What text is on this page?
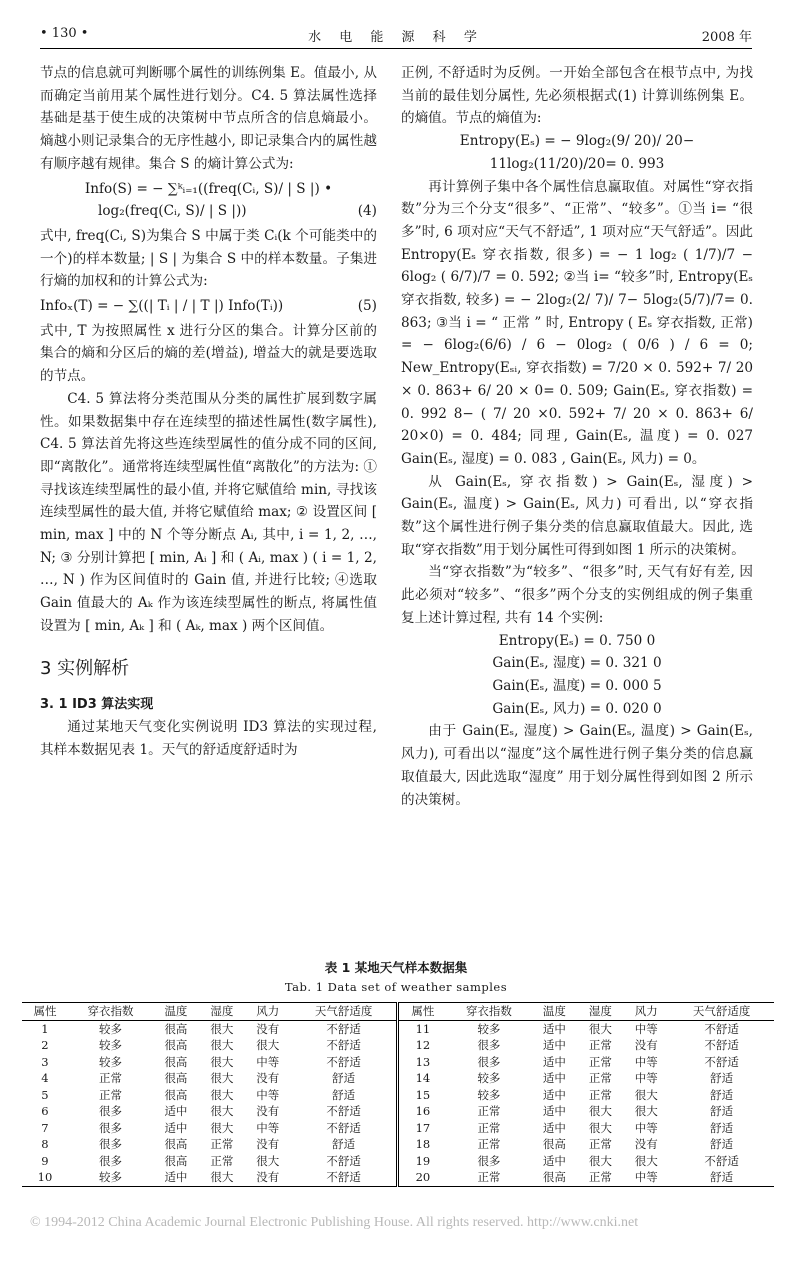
• 130 •	水 电 能 源 科 学	2008 年

节点的信息就可判断哪个属性的训练例集 E。值最小, 从而确定当前用某个属性进行划分。C4. 5 算法属性选择基础是基于使生成的决策树中节点所含的信息熵最小。熵越小则记录集合的无序性越小, 即记录集合内的属性越有顺序越有规律。集合 S 的熵计算公式为:

Info(S) = − ∑ᵏᵢ₌₁((freq(Cᵢ, S)/ | S |) •

log₂(freq(Cᵢ, S)/ | S |))	(4)

式中, freq(Cᵢ, S)为集合 S 中属于类 Cᵢ(k 个可能类中的一个)的样本数量; | S | 为集合 S 中的样本数量。子集进行熵的加权和的计算公式为:

Infoₓ(T) = − ∑((| Tᵢ | / | T |) Info(Tᵢ))	(5)

式中, T 为按照属性 x 进行分区的集合。计算分区前的集合的熵和分区后的熵的差(增益), 增益大的就是要选取的节点。

C4. 5 算法将分类范围从分类的属性扩展到数字属性。如果数据集中存在连续型的描述性属性(数字属性), C4. 5 算法首先将这些连续型属性的值分成不同的区间, 即“离散化”。通常将连续型属性值“离散化”的方法为: ① 寻找该连续型属性的最小值, 并将它赋值给 min, 寻找该连续型属性的最大值, 并将它赋值给 max; ② 设置区间 [ min, max ] 中的 N 个等分断点 Aᵢ, 其中, i = 1, 2, …, N; ③ 分别计算把 [ min, Aᵢ ] 和 ( Aᵢ, max ) ( i = 1, 2, …, N ) 作为区间值时的 Gain 值, 并进行比较; ④选取 Gain 值最大的 Aₖ 作为该连续型属性的断点, 将属性值设置为 [ min, Aₖ ] 和 ( Aₖ, max ) 两个区间值。

3 实例解析
3. 1 ID3 算法实现

通过某地天气变化实例说明 ID3 算法的实现过程, 其样本数据见表 1。天气的舒适度舒适时为

正例, 不舒适时为反例。一开始全部包含在根节点中, 为找当前的最佳划分属性, 先必须根据式(1) 计算训练例集 E。的熵值。节点的熵值为:

Entropy(Eₛ) = − 9log₂(9/ 20)/ 20−

11log₂(11/20)/20= 0. 993

再计算例子集中各个属性信息赢取值。对属性“穿衣指数”分为三个分支“很多”、“正常”、“较多”。①当 i= “很多”时, 6 项对应“天气不舒适”, 1 项对应“天气舒适”。因此 Entropy(Eₛ 穿衣指数, 很多) = − 1 log₂ ( 1/7)/7 − 6log₂ ( 6/7)/7 = 0. 592; ②当 i= “较多”时, Entropy(Eₛ 穿衣指数, 较多) = − 2log₂(2/ 7)/ 7− 5log₂(5/7)/7= 0. 863; ③当 i = “ 正常 ” 时, Entropy ( Eₛ 穿衣指数, 正常) = − 6log₂(6/6) / 6 − 0log₂ ( 0/6 ) / 6 = 0; New_Entropy(Eₛᵢ, 穿衣指数) = 7/20 × 0. 592+ 7/ 20 × 0. 863+ 6/ 20 × 0= 0. 509; Gain(Eₛ, 穿衣指数) = 0. 992 8− ( 7/ 20 ×0. 592+ 7/ 20 × 0. 863+ 6/ 20×0) = 0. 484; 同理, Gain(Eₛ, 温度) = 0. 027 Gain(Eₛ, 湿度) = 0. 083 , Gain(Eₛ, 风力) = 0。

从 Gain(Eₛ, 穿衣指数) > Gain(Eₛ, 湿度) > Gain(Eₛ, 温度) > Gain(Eₛ, 风力) 可看出, 以“穿衣指数”这个属性进行例子集分类的信息赢取值最大。因此, 选取“穿衣指数”用于划分属性可得到如图 1 所示的决策树。

当“穿衣指数”为“较多”、“很多”时, 天气有好有差, 因此必须对“较多”、“很多”两个分支的实例组成的例子集重复上述计算过程, 共有 14 个实例:

Entropy(Eₛ) = 0. 750 0

Gain(Eₛ, 湿度) = 0. 321 0

Gain(Eₛ, 温度) = 0. 000 5

Gain(Eₛ, 风力) = 0. 020 0

由于 Gain(Eₛ, 湿度) > Gain(Eₛ, 温度) > Gain(Eₛ, 风力), 可看出以“湿度”这个属性进行例子集分类的信息赢取值最大, 因此选取“湿度” 用于划分属性得到如图 2 所示的决策树。

表 1 某地天气样本数据集
Tab. 1 Data set of weather samples
属性	穿衣指数	温度	湿度	风力	天气舒适度	属性	穿衣指数	温度	湿度	风力	天气舒适度
1	较多	很高	很大	没有	不舒适	11	较多	适中	很大	中等	不舒适
2	较多	很高	很大	很大	不舒适	12	很多	适中	正常	没有	不舒适
3	较多	很高	很大	中等	不舒适	13	很多	适中	正常	中等	不舒适
4	正常	很高	很大	没有	舒适	14	较多	适中	正常	中等	舒适
5	正常	很高	很大	中等	舒适	15	较多	适中	正常	很大	舒适
6	很多	适中	很大	没有	不舒适	16	正常	适中	很大	很大	舒适
7	很多	适中	很大	中等	不舒适	17	正常	适中	很大	中等	舒适
8	很多	很高	正常	没有	舒适	18	正常	很高	正常	没有	舒适
9	很多	很高	正常	很大	不舒适	19	很多	适中	很大	很大	不舒适
10	较多	适中	很大	没有	不舒适	20	正常	很高	正常	中等	舒适
© 1994-2012 China Academic Journal Electronic Publishing House. All rights reserved. http://www.cnki.net
